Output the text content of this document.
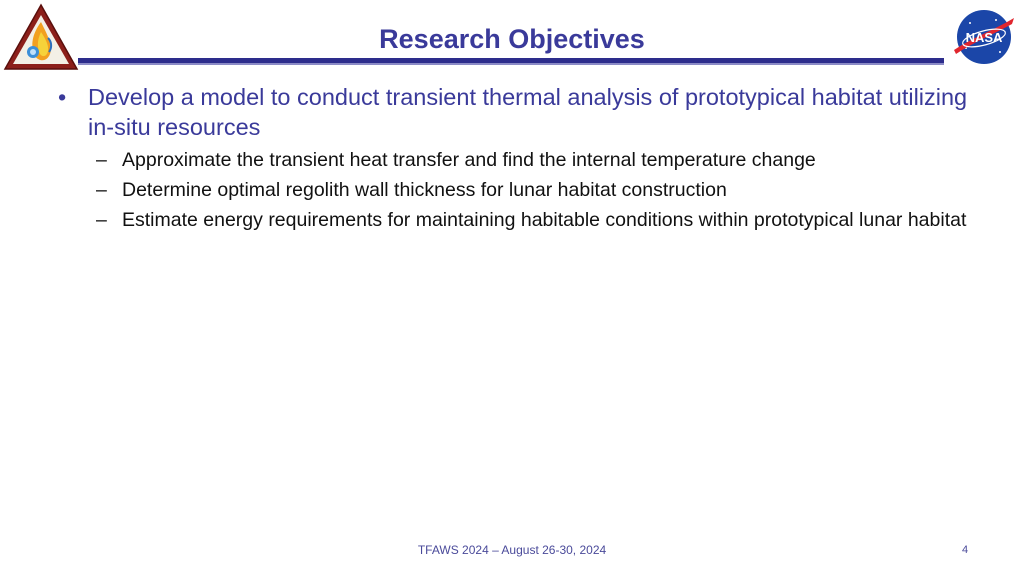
Research Objectives	NASA
• Develop a model to conduct transient thermal analysis of prototypical habitat utilizing in-situ resources
– Approximate the transient heat transfer and find the internal temperature change
– Determine optimal regolith wall thickness for lunar habitat construction
– Estimate energy requirements for maintaining habitable conditions within prototypical lunar habitat
TFAWS 2024 – August 26-30, 2024	4
